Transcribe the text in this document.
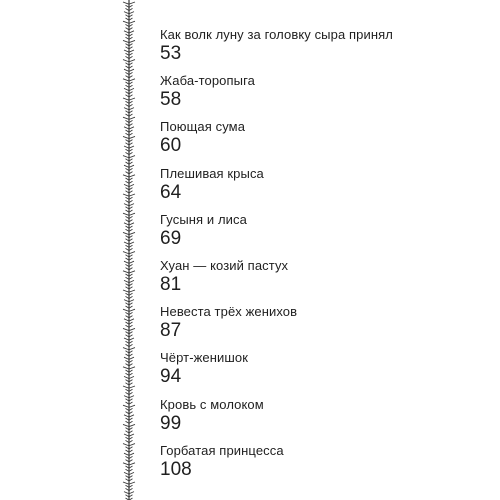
Как волк луну за головку сыра принял
53
Жаба-торопыга
58
Поющая сума
60
Плешивая крыса
64
Гусыня и лиса
69
Хуан — козий пастух
81
Невеста трёх женихов
87
Чёрт-женишок
94
Кровь с молоком
99
Горбатая принцесса
108
